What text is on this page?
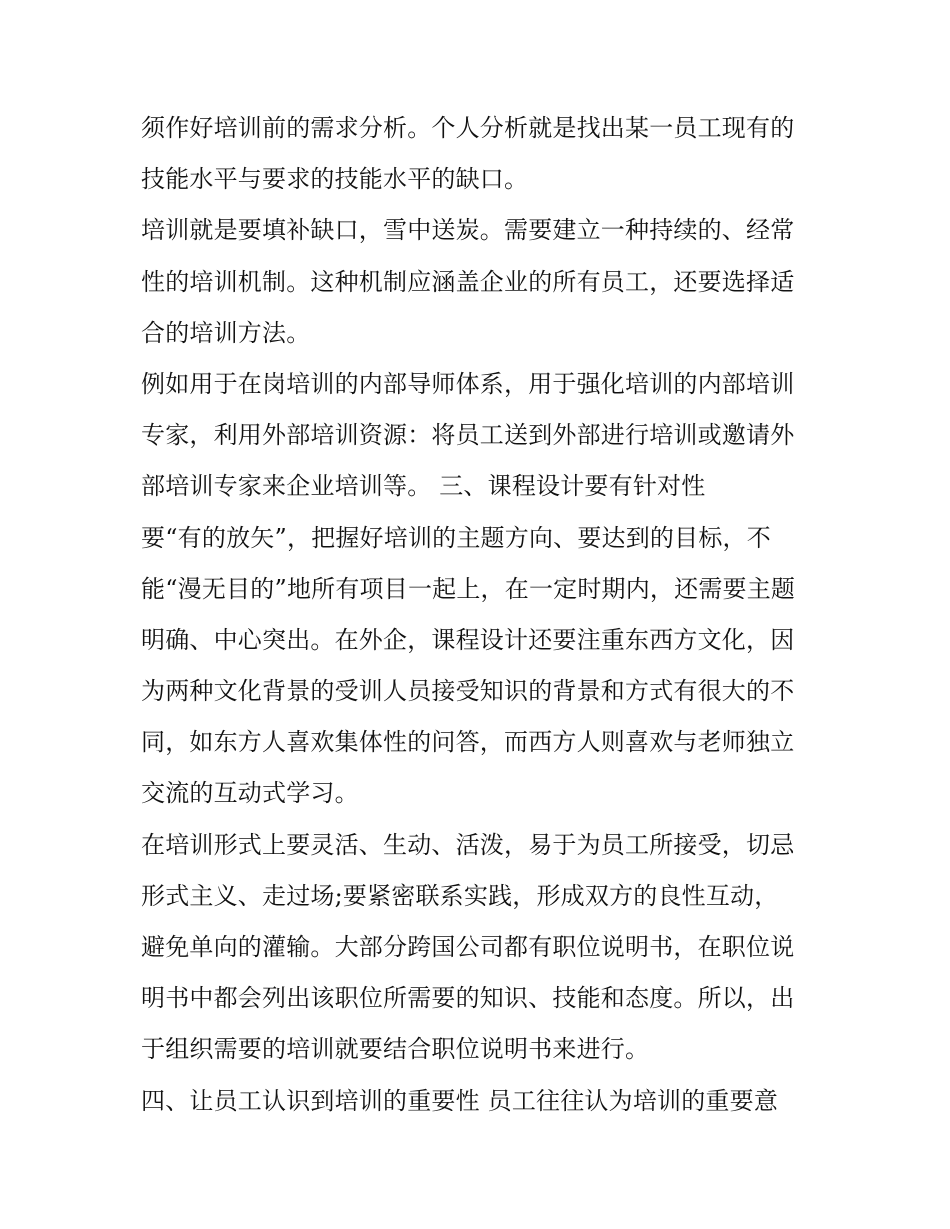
须作好培训前的需求分析。个人分析就是找出某一员工现有的
技能水平与要求的技能水平的缺口。
培训就是要填补缺口，雪中送炭。需要建立一种持续的、经常
性的培训机制。这种机制应涵盖企业的所有员工，还要选择适
合的培训方法。
例如用于在岗培训的内部导师体系，用于强化培训的内部培训
专家，利用外部培训资源：将员工送到外部进行培训或邀请外
部培训专家来企业培训等。 三、课程设计要有针对性
要“有的放矢”，把握好培训的主题方向、要达到的目标，不
能“漫无目的”地所有项目一起上，在一定时期内，还需要主题
明确、中心突出。在外企，课程设计还要注重东西方文化，因
为两种文化背景的受训人员接受知识的背景和方式有很大的不
同，如东方人喜欢集体性的问答，而西方人则喜欢与老师独立
交流的互动式学习。
在培训形式上要灵活、生动、活泼，易于为员工所接受，切忌
形式主义、走过场;要紧密联系实践，形成双方的良性互动，
避免单向的灌输。大部分跨国公司都有职位说明书，在职位说
明书中都会列出该职位所需要的知识、技能和态度。所以，出
于组织需要的培训就要结合职位说明书来进行。
四、让员工认识到培训的重要性 员工往往认为培训的重要意
